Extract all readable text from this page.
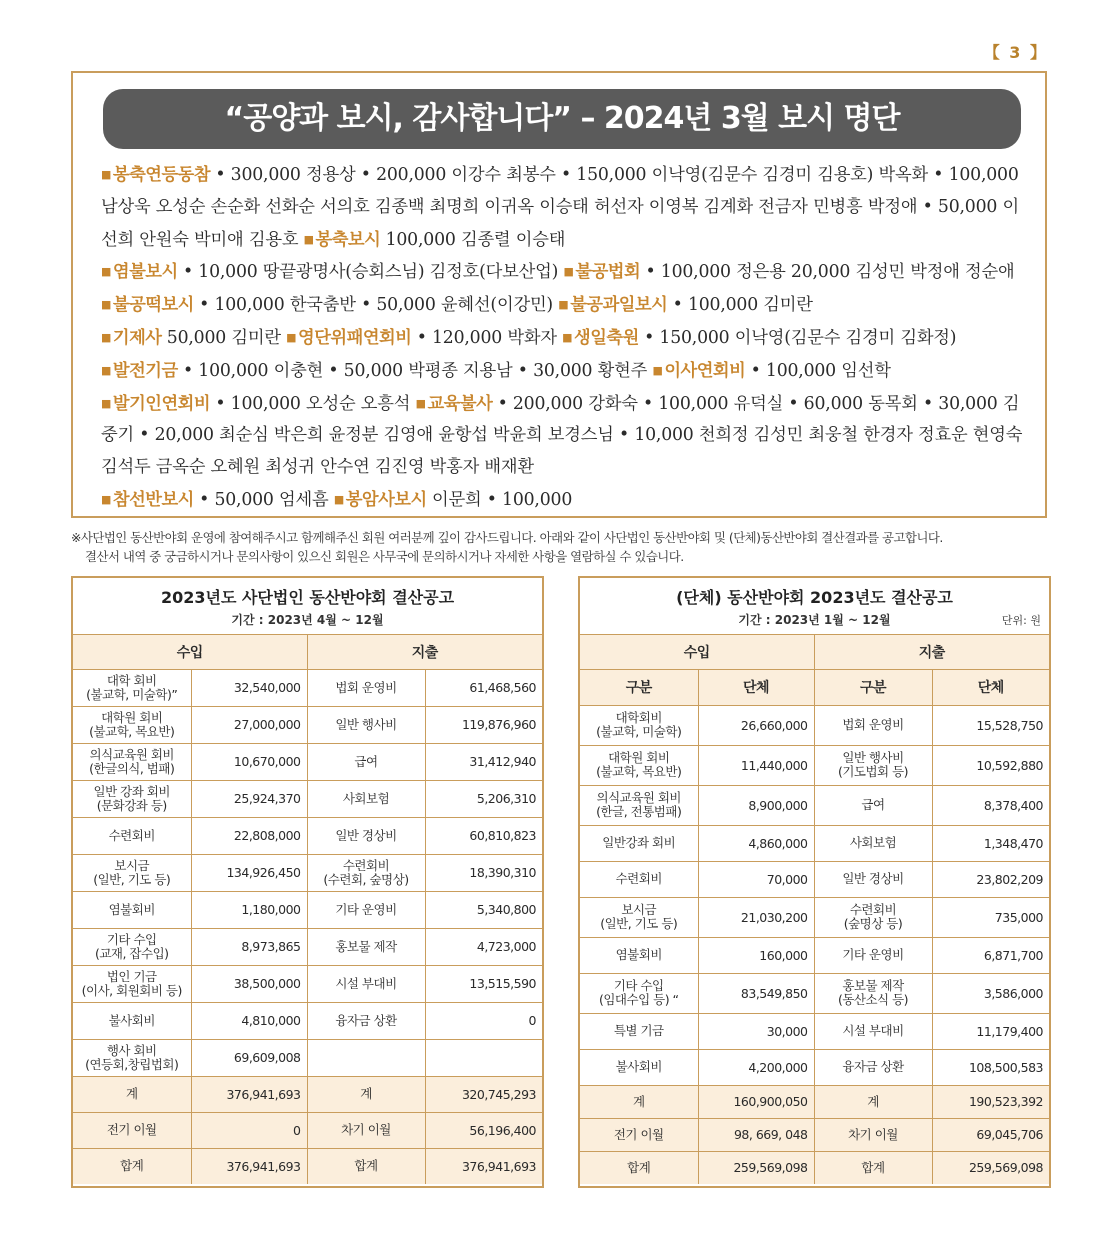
【 3 】
“공양과 보시, 감사합니다” – 2024년 3월 보시 명단
■ 봉축연등동참 • 300,000 정용상 • 200,000 이강수 최봉수 • 150,000 이낙영(김문수 김경미 김용호) 박옥화 • 100,000 남상욱 오성순 손순화 선화순 서의호 김종백 최명희 이귀옥 이승태 허선자 이영복 김계화 전금자 민병흥 박정애 • 50,000 이선희 안원숙 박미애 김용호 ■ 봉축보시 100,000 김종렬 이승태
■ 염불보시 • 10,000 땅끝광명사(승회스님) 김정호(다보산업) ■ 불공법회 • 100,000 정은용 20,000 김성민 박정애 정순애 ■ 불공떡보시 • 100,000 한국춤반 • 50,000 윤혜선(이강민) ■ 불공과일보시 • 100,000 김미란
■ 기제사 50,000 김미란 ■ 영단위패연회비 • 120,000 박화자 ■ 생일축원 • 150,000 이낙영(김문수 김경미 김화정)
■ 발전기금 • 100,000 이충현 • 50,000 박평종 지용남 • 30,000 황현주 ■ 이사연회비 • 100,000 임선학
■ 발기인연회비 • 100,000 오성순 오흥석 ■ 교육불사 • 200,000 강화숙 • 100,000 유덕실 • 60,000 동목회 • 30,000 김중기 • 20,000 최순심 박은희 윤정분 김영애 윤항섭 박윤희 보경스님 • 10,000 천희정 김성민 최웅철 한경자 정효운 현영숙 김석두 금옥순 오혜원 최성귀 안수연 김진영 박홍자 배재환
■ 참선반보시 • 50,000 엄세흠 ■ 봉암사보시 이문희 • 100,000
※사단법인 동산반야회 운영에 참여해주시고 함께해주신 회원 여러분께 깊이 감사드립니다. 아래와 같이 사단법인 동산반야회 및 (단체)동산반야회 결산결과를 공고합니다.
결산서 내역 중 궁금하시거나 문의사항이 있으신 회원은 사무국에 문의하시거나 자세한 사항을 열람하실 수 있습니다.
2023년도 사단법인 동산반야회 결산공고
기간 : 2023년 4월 ~ 12월
수입		지출	
대학 회비
(불교학, 미술학)”	32,540,000	법회 운영비	61,468,560
대학원 회비
(불교학, 목요반)	27,000,000	일반 행사비	119,876,960
의식교육원 회비
(한글의식, 범패)	10,670,000	급여	31,412,940
일반 강좌 회비
(문화강좌 등)	25,924,370	사회보험	5,206,310
수련회비	22,808,000	일반 경상비	60,810,823
보시금
(일반, 기도 등)	134,926,450	수련회비
(수련회, 숲명상)	18,390,310
염불회비	1,180,000	기타 운영비	5,340,800
기타 수입
(교재, 잡수입)	8,973,865	홍보물 제작	4,723,000
법인 기금
(이사, 회원회비 등)	38,500,000	시설 부대비	13,515,590
불사회비	4,810,000	융자금 상환	0
행사 회비
(연등회,창립법회)	69,609,008		
계	376,941,693	계	320,745,293
전기 이월	0	차기 이월	56,196,400
합계	376,941,693	합계	376,941,693
(단체) 동산반야회 2023년도 결산공고
기간 : 2023년 1월 ~ 12월	단위: 원
수입		지출	
구분	단체	구분	단체
대학회비
(불교학, 미술학)	26,660,000	법회 운영비	15,528,750
대학원 회비
(불교학, 목요반)	11,440,000	일반 행사비
(기도법회 등)	10,592,880
의식교육원 회비
(한글, 전통범패)	8,900,000	급여	8,378,400
일반강좌 회비	4,860,000	사회보험	1,348,470
수련회비	70,000	일반 경상비	23,802,209
보시금
(일반, 기도 등)	21,030,200	수련회비
(숲명상 등)	735,000
염불회비	160,000	기타 운영비	6,871,700
기타 수입
(임대수입 등) “	83,549,850	홍보물 제작
(동산소식 등)	3,586,000
특별 기금	30,000	시설 부대비	11,179,400
불사회비	4,200,000	융자금 상환	108,500,583
계	160,900,050	계	190,523,392
전기 이월	98, 669, 048	차기 이월	69,045,706
합계	259,569,098	합계	259,569,098
